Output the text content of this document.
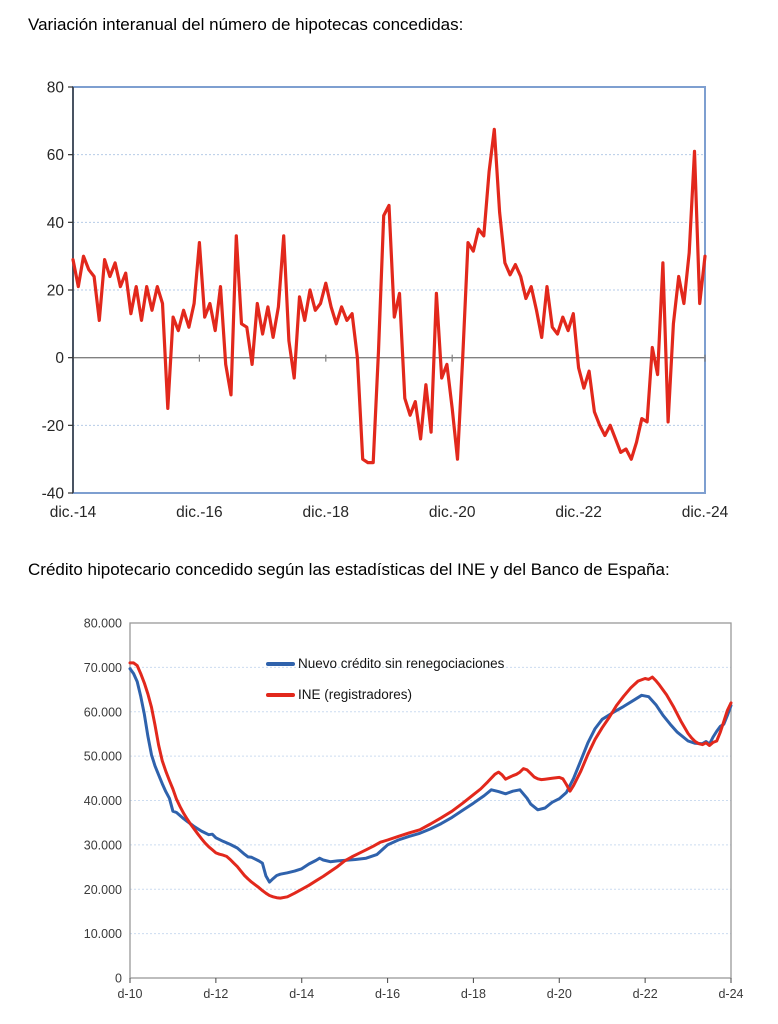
Variación interanual del número de hipotecas concedidas:
80
60
40
20
0
-20
-40
dic.-14	dic.-16	dic.-18	dic.-20	dic.-22	dic.-24
Crédito hipotecario concedido según las estadísticas del INE y del Banco de España:
80.000
70.000
60.000
50.000
40.000
30.000
20.000
10.000
0
d-10	d-12	d-14	d-16	d-18	d-20	d-22	d-24
Nuevo crédito sin renegociaciones
INE (registradores)
